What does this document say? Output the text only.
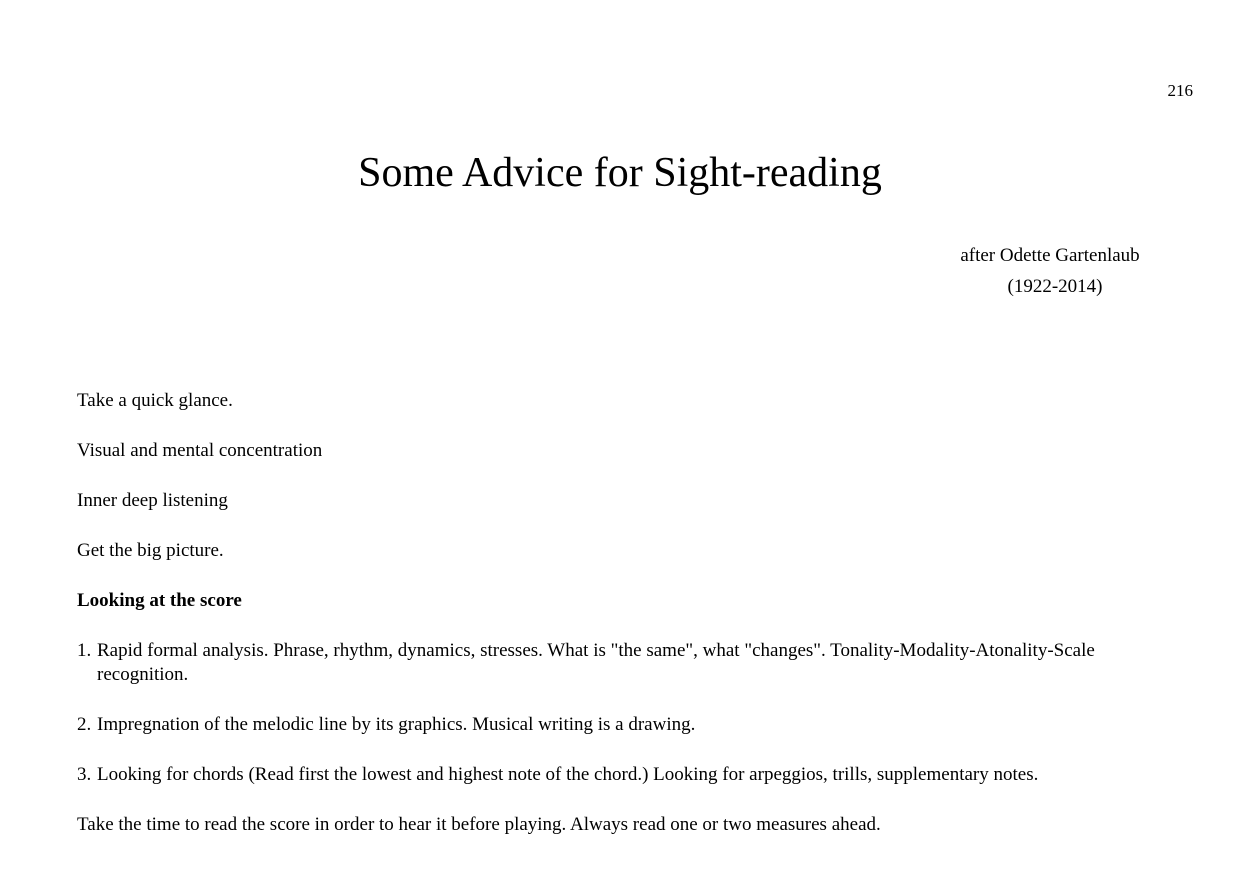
216
Some Advice for Sight-reading
after Odette Gartenlaub
(1922-2014)

Take a quick glance.

Visual and mental concentration

Inner deep listening

Get the big picture.

Looking at the score

1. Rapid formal analysis. Phrase, rhythm, dynamics, stresses. What is "the same", what "changes". Tonality-Modality-Atonality-Scale recognition.
2. Impregnation of the melodic line by its graphics. Musical writing is a drawing.
3. Looking for chords (Read first the lowest and highest note of the chord.) Looking for arpeggios, trills, supplementary notes.

Take the time to read the score in order to hear it before playing. Always read one or two measures ahead.
